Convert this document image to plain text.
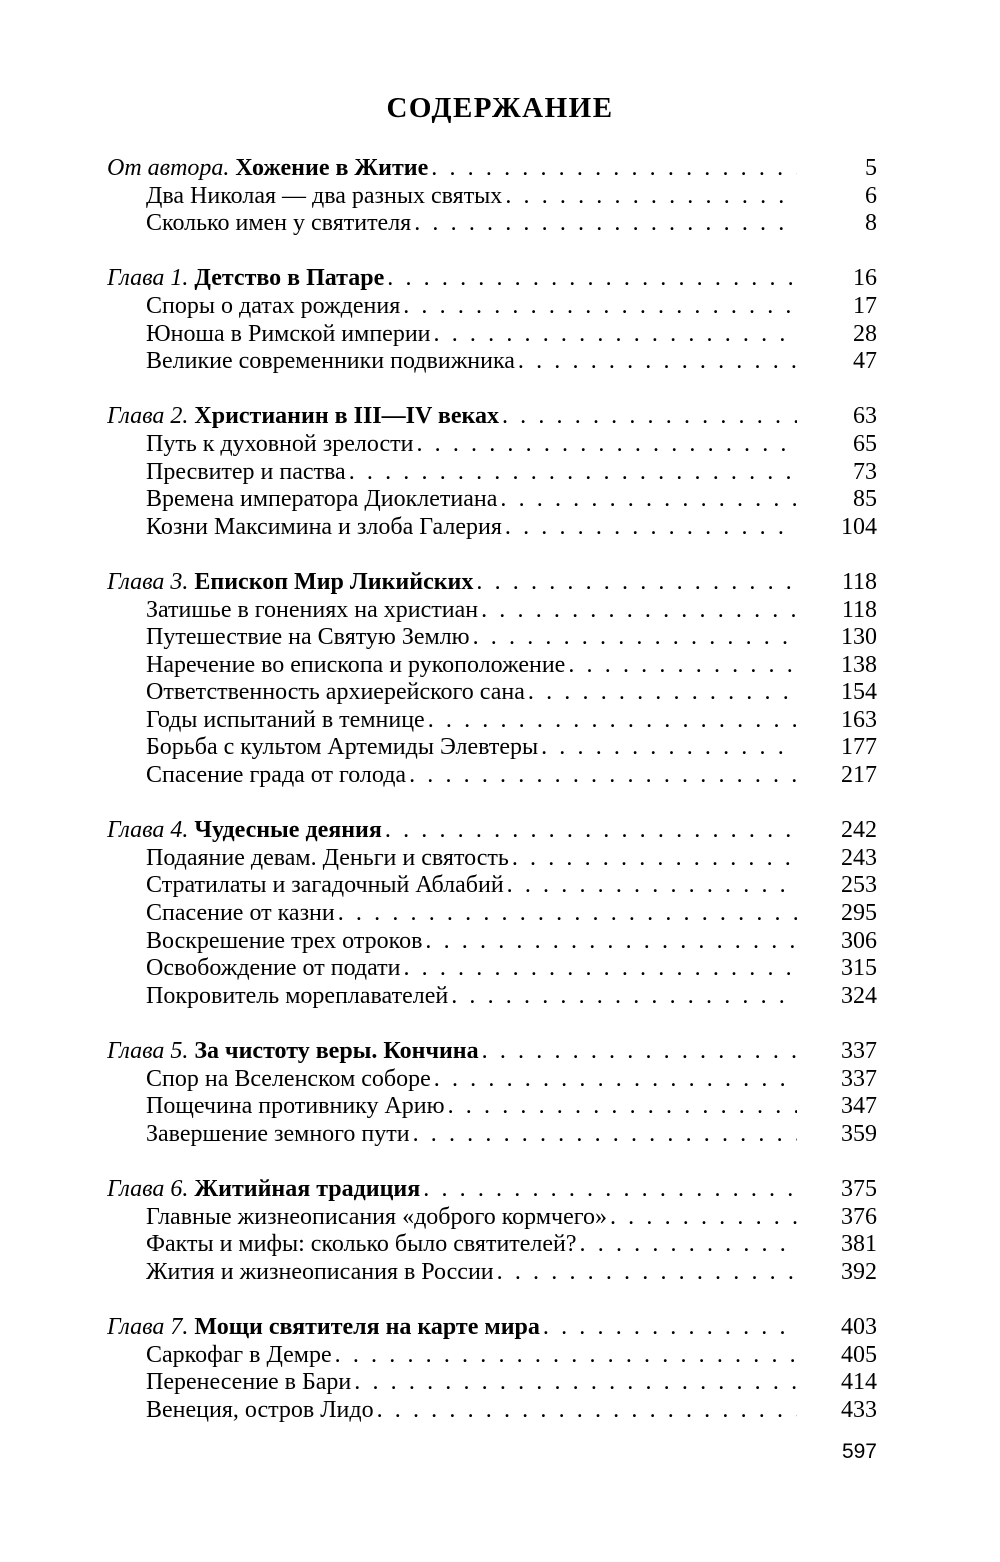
СОДЕРЖАНИЕ
От автора. Хожение в Житие . . .	5
Два Николая — два разных святых . . .	6
Сколько имен у святителя . . .	8
Глава 1. Детство в Патаре . . .	16
Споры о датах рождения . . .	17
Юноша в Римской империи . . .	28
Великие современники подвижника . . .	47
Глава 2. Христианин в III—IV веках . . .	63
Путь к духовной зрелости . . .	65
Пресвитер и паства . . .	73
Времена императора Диоклетиана . . .	85
Козни Максимина и злоба Галерия . . .	104
Глава 3. Епископ Мир Ликийских . . .	118
Затишье в гонениях на христиан . . .	118
Путешествие на Святую Землю . . .	130
Наречение во епископа и рукоположение . . .	138
Ответственность архиерейского сана . . .	154
Годы испытаний в темнице . . .	163
Борьба с культом Артемиды Элевтеры . . .	177
Спасение града от голода . . .	217
Глава 4. Чудесные деяния . . .	242
Подаяние девам. Деньги и святость . . .	243
Стратилаты и загадочный Аблабий . . .	253
Спасение от казни . . .	295
Воскрешение трех отроков . . .	306
Освобождение от подати . . .	315
Покровитель мореплавателей . . .	324
Глава 5. За чистоту веры. Кончина . . .	337
Спор на Вселенском соборе . . .	337
Пощечина противнику Арию . . .	347
Завершение земного пути . . .	359
Глава 6. Житийная традиция . . .	375
Главные жизнеописания «доброго кормчего» . . .	376
Факты и мифы: сколько было святителей? . . .	381
Жития и жизнеописания в России . . .	392
Глава 7. Мощи святителя на карте мира . . .	403
Саркофаг в Демре . . .	405
Перенесение в Бари . . .	414
Венеция, остров Лидо . . .	433
597
